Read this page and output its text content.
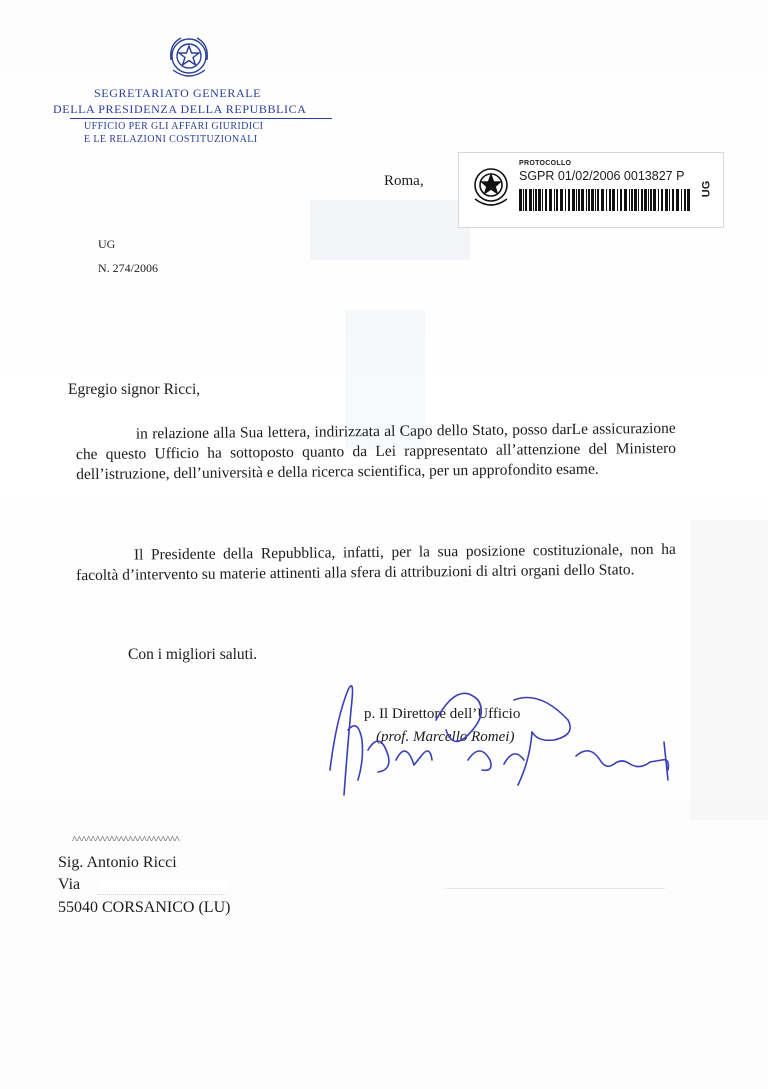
SEGRETARIATO GENERALE
DELLA PRESIDENZA DELLA REPUBBLICA
UFFICIO PER GLI AFFARI GIURIDICI
E LE RELAZIONI COSTITUZIONALI
Roma,
PROTOCOLLO
SGPR 01/02/2006 0013827 P
UG
UG
N. 274/2006
Egregio signor Ricci,
in relazione alla Sua lettera, indirizzata al Capo dello Stato, posso darLe assicurazione che questo Ufficio ha sottoposto quanto da Lei rappresentato all’attenzione del Ministero dell’istruzione, dell’università e della ricerca scientifica, per un approfondito esame.
Il Presidente della Repubblica, infatti, per la sua posizione costituzionale, non ha facoltà d’intervento su materie attinenti alla sfera di attribuzioni di altri organi dello Stato.
Con i migliori saluti.
p. Il Direttore dell’Ufficio
(prof. Marcello Romei)
^^^^^^^^^^^^^^^^^^^^^^^
Sig. Antonio Ricci
Via
55040 CORSANICO (LU)
